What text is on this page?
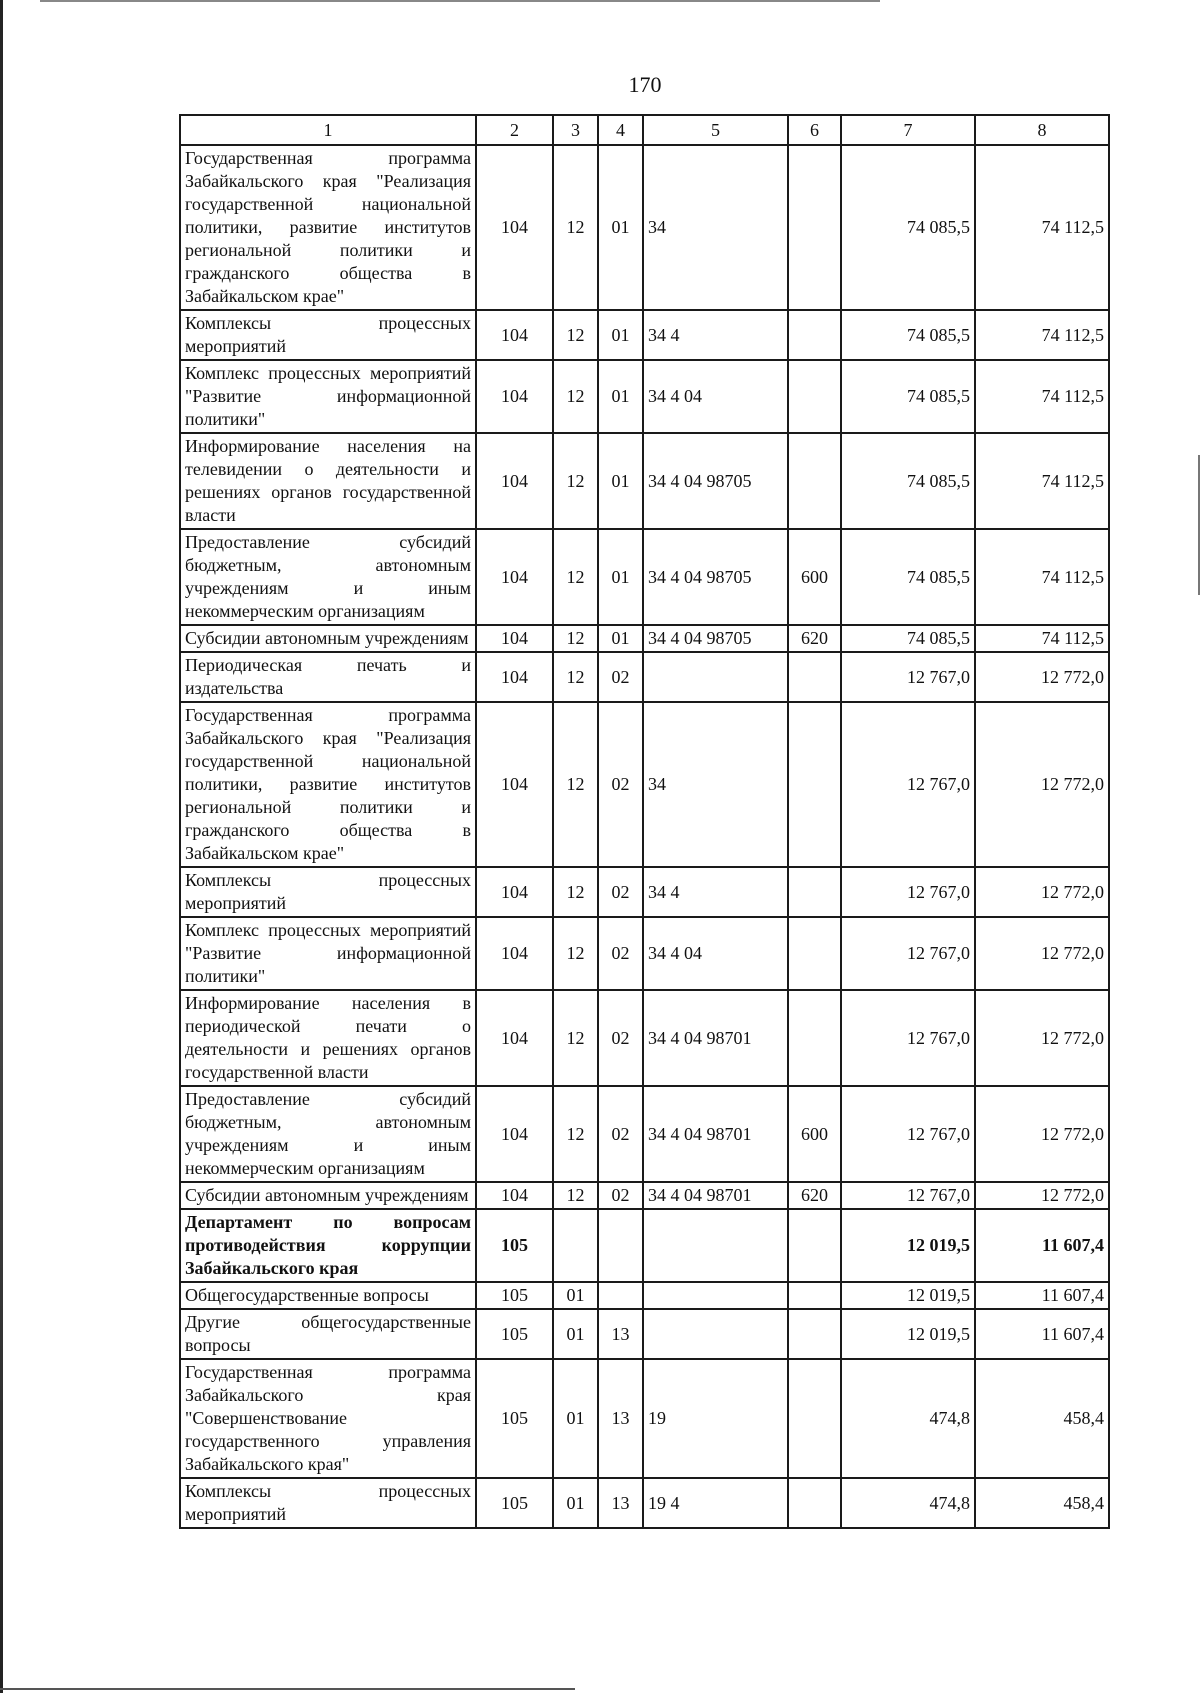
170
1	2	3	4	5	6	7	8
Государственная программа Забайкальского края "Реализация государственной национальной политики, развитие институтов региональной политики и гражданского общества в Забайкальском крае"	104	12	01	34		74 085,5	74 112,5
Комплексы процессных мероприятий	104	12	01	34 4		74 085,5	74 112,5
Комплекс процессных мероприятий "Развитие информационной политики"	104	12	01	34 4 04		74 085,5	74 112,5
Информирование населения на телевидении о деятельности и решениях органов государственной власти	104	12	01	34 4 04 98705		74 085,5	74 112,5
Предоставление субсидий бюджетным, автономным учреждениям и иным некоммерческим организациям	104	12	01	34 4 04 98705	600	74 085,5	74 112,5
Субсидии автономным учреждениям	104	12	01	34 4 04 98705	620	74 085,5	74 112,5
Периодическая печать и издательства	104	12	02			12 767,0	12 772,0
Государственная программа Забайкальского края "Реализация государственной национальной политики, развитие институтов региональной политики и гражданского общества в Забайкальском крае"	104	12	02	34		12 767,0	12 772,0
Комплексы процессных мероприятий	104	12	02	34 4		12 767,0	12 772,0
Комплекс процессных мероприятий "Развитие информационной политики"	104	12	02	34 4 04		12 767,0	12 772,0
Информирование населения в периодической печати о деятельности и решениях органов государственной власти	104	12	02	34 4 04 98701		12 767,0	12 772,0
Предоставление субсидий бюджетным, автономным учреждениям и иным некоммерческим организациям	104	12	02	34 4 04 98701	600	12 767,0	12 772,0
Субсидии автономным учреждениям	104	12	02	34 4 04 98701	620	12 767,0	12 772,0
Департамент по вопросам противодействия коррупции Забайкальского края	105					12 019,5	11 607,4
Общегосударственные вопросы	105	01				12 019,5	11 607,4
Другие общегосударственные вопросы	105	01	13			12 019,5	11 607,4
Государственная программа Забайкальского края "Совершенствование государственного управления Забайкальского края"	105	01	13	19		474,8	458,4
Комплексы процессных мероприятий	105	01	13	19 4		474,8	458,4
